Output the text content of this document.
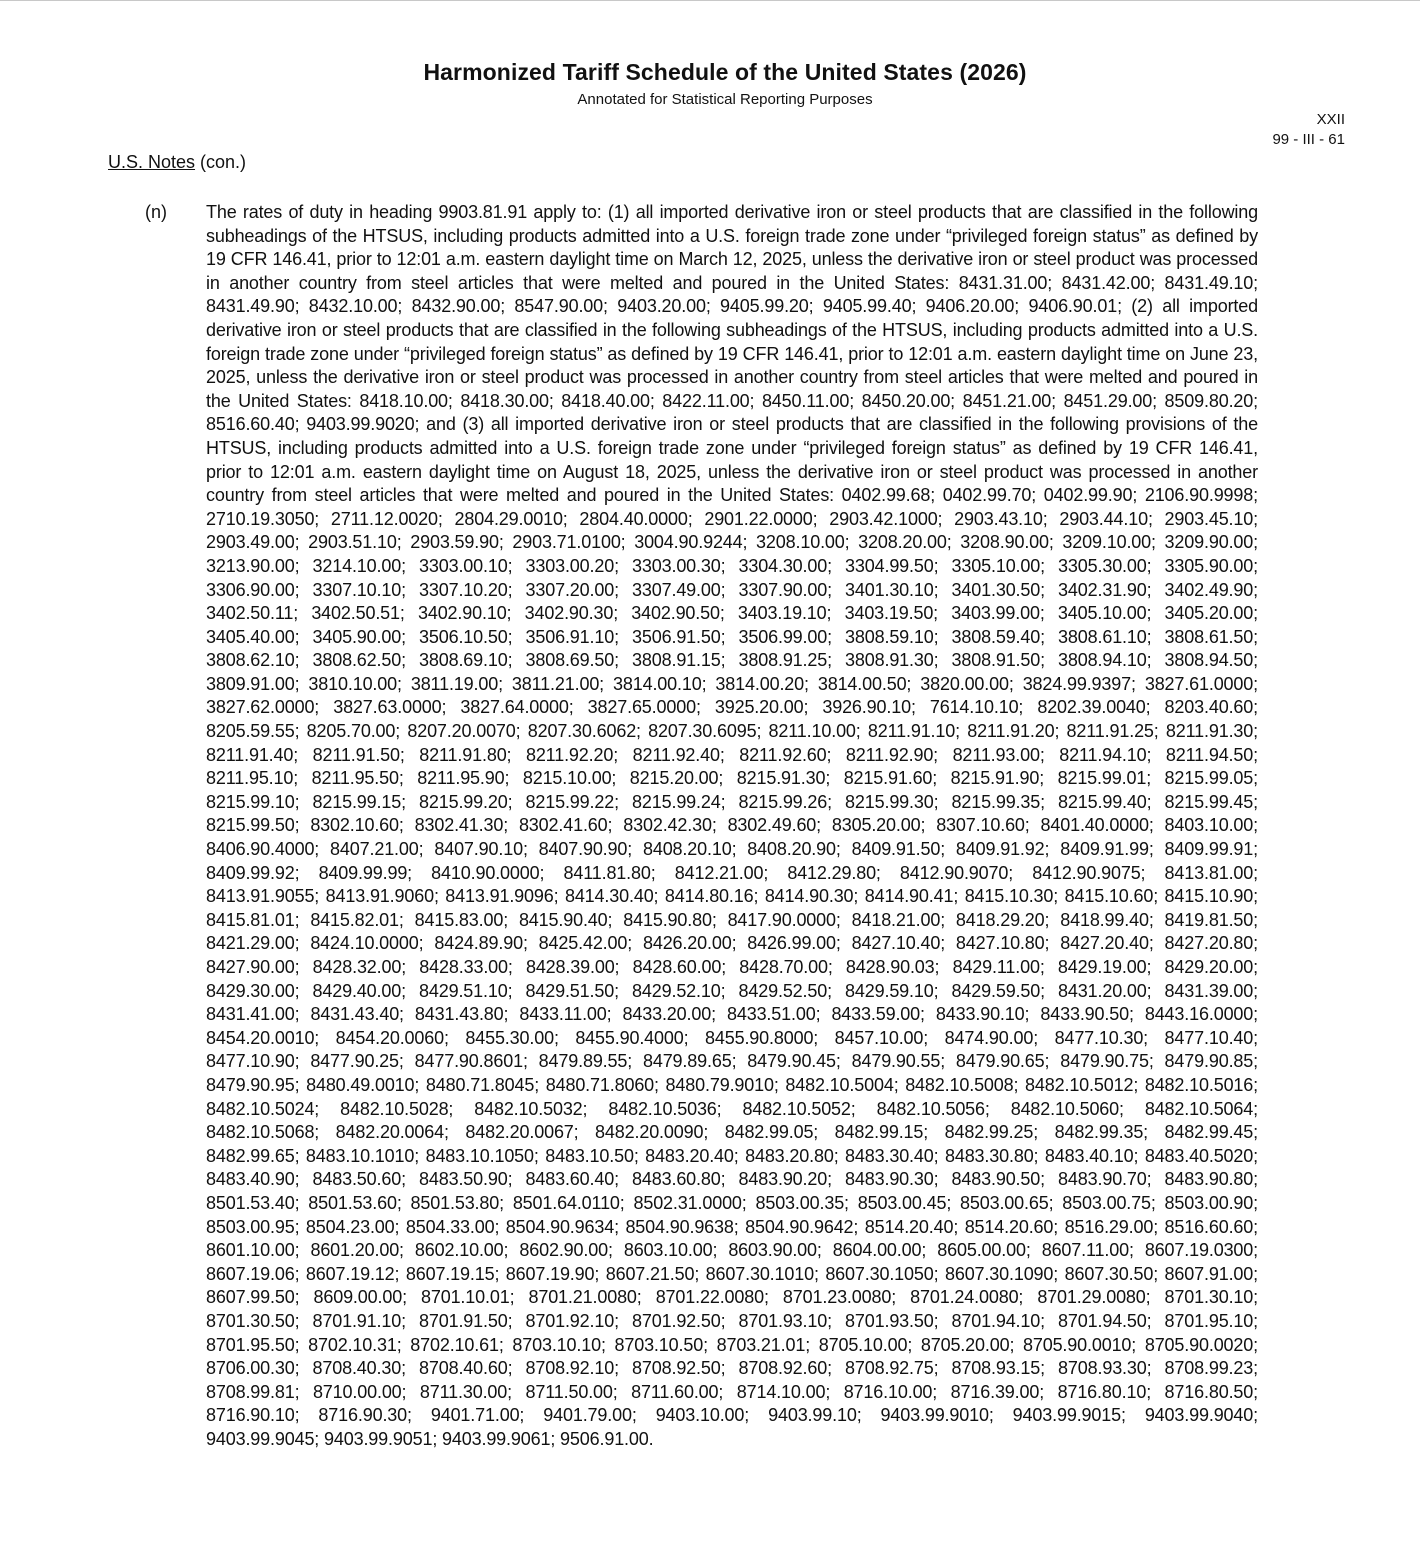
Harmonized Tariff Schedule of the United States (2026)
Annotated for Statistical Reporting Purposes
XXII
99 - III - 61
U.S. Notes (con.)
(n) The rates of duty in heading 9903.81.91 apply to: (1) all imported derivative iron or steel products that are classified in the following subheadings of the HTSUS, including products admitted into a U.S. foreign trade zone under “privileged foreign status” as defined by 19 CFR 146.41, prior to 12:01 a.m. eastern daylight time on March 12, 2025, unless the derivative iron or steel product was processed in another country from steel articles that were melted and poured in the United States: 8431.31.00; 8431.42.00; 8431.49.10; 8431.49.90; 8432.10.00; 8432.90.00; 8547.90.00; 9403.20.00; 9405.99.20; 9405.99.40; 9406.20.00; 9406.90.01; (2) all imported derivative iron or steel products that are classified in the following subheadings of the HTSUS, including products admitted into a U.S. foreign trade zone under “privileged foreign status” as defined by 19 CFR 146.41, prior to 12:01 a.m. eastern daylight time on June 23, 2025, unless the derivative iron or steel product was processed in another country from steel articles that were melted and poured in the United States: 8418.10.00; 8418.30.00; 8418.40.00; 8422.11.00; 8450.11.00; 8450.20.00; 8451.21.00; 8451.29.00; 8509.80.20; 8516.60.40; 9403.99.9020; and (3) all imported derivative iron or steel products that are classified in the following provisions of the HTSUS, including products admitted into a U.S. foreign trade zone under “privileged foreign status” as defined by 19 CFR 146.41, prior to 12:01 a.m. eastern daylight time on August 18, 2025, unless the derivative iron or steel product was processed in another country from steel articles that were melted and poured in the United States: 0402.99.68; 0402.99.70; 0402.99.90; 2106.90.9998; 2710.19.3050; 2711.12.0020; 2804.29.0010; 2804.40.0000; 2901.22.0000; 2903.42.1000; 2903.43.10; 2903.44.10; 2903.45.10; 2903.49.00; 2903.51.10; 2903.59.90; 2903.71.0100; 3004.90.9244; 3208.10.00; 3208.20.00; 3208.90.00; 3209.10.00; 3209.90.00; 3213.90.00; 3214.10.00; 3303.00.10; 3303.00.20; 3303.00.30; 3304.30.00; 3304.99.50; 3305.10.00; 3305.30.00; 3305.90.00; 3306.90.00; 3307.10.10; 3307.10.20; 3307.20.00; 3307.49.00; 3307.90.00; 3401.30.10; 3401.30.50; 3402.31.90; 3402.49.90; 3402.50.11; 3402.50.51; 3402.90.10; 3402.90.30; 3402.90.50; 3403.19.10; 3403.19.50; 3403.99.00; 3405.10.00; 3405.20.00; 3405.40.00; 3405.90.00; 3506.10.50; 3506.91.10; 3506.91.50; 3506.99.00; 3808.59.10; 3808.59.40; 3808.61.10; 3808.61.50; 3808.62.10; 3808.62.50; 3808.69.10; 3808.69.50; 3808.91.15; 3808.91.25; 3808.91.30; 3808.91.50; 3808.94.10; 3808.94.50; 3809.91.00; 3810.10.00; 3811.19.00; 3811.21.00; 3814.00.10; 3814.00.20; 3814.00.50; 3820.00.00; 3824.99.9397; 3827.61.0000; 3827.62.0000; 3827.63.0000; 3827.64.0000; 3827.65.0000; 3925.20.00; 3926.90.10; 7614.10.10; 8202.39.0040; 8203.40.60; 8205.59.55; 8205.70.00; 8207.20.0070; 8207.30.6062; 8207.30.6095; 8211.10.00; 8211.91.10; 8211.91.20; 8211.91.25; 8211.91.30; 8211.91.40; 8211.91.50; 8211.91.80; 8211.92.20; 8211.92.40; 8211.92.60; 8211.92.90; 8211.93.00; 8211.94.10; 8211.94.50; 8211.95.10; 8211.95.50; 8211.95.90; 8215.10.00; 8215.20.00; 8215.91.30; 8215.91.60; 8215.91.90; 8215.99.01; 8215.99.05; 8215.99.10; 8215.99.15; 8215.99.20; 8215.99.22; 8215.99.24; 8215.99.26; 8215.99.30; 8215.99.35; 8215.99.40; 8215.99.45; 8215.99.50; 8302.10.60; 8302.41.30; 8302.41.60; 8302.42.30; 8302.49.60; 8305.20.00; 8307.10.60; 8401.40.0000; 8403.10.00; 8406.90.4000; 8407.21.00; 8407.90.10; 8407.90.90; 8408.20.10; 8408.20.90; 8409.91.50; 8409.91.92; 8409.91.99; 8409.99.91; 8409.99.92; 8409.99.99; 8410.90.0000; 8411.81.80; 8412.21.00; 8412.29.80; 8412.90.9070; 8412.90.9075; 8413.81.00; 8413.91.9055; 8413.91.9060; 8413.91.9096; 8414.30.40; 8414.80.16; 8414.90.30; 8414.90.41; 8415.10.30; 8415.10.60; 8415.10.90; 8415.81.01; 8415.82.01; 8415.83.00; 8415.90.40; 8415.90.80; 8417.90.0000; 8418.21.00; 8418.29.20; 8418.99.40; 8419.81.50; 8421.29.00; 8424.10.0000; 8424.89.90; 8425.42.00; 8426.20.00; 8426.99.00; 8427.10.40; 8427.10.80; 8427.20.40; 8427.20.80; 8427.90.00; 8428.32.00; 8428.33.00; 8428.39.00; 8428.60.00; 8428.70.00; 8428.90.03; 8429.11.00; 8429.19.00; 8429.20.00; 8429.30.00; 8429.40.00; 8429.51.10; 8429.51.50; 8429.52.10; 8429.52.50; 8429.59.10; 8429.59.50; 8431.20.00; 8431.39.00; 8431.41.00; 8431.43.40; 8431.43.80; 8433.11.00; 8433.20.00; 8433.51.00; 8433.59.00; 8433.90.10; 8433.90.50; 8443.16.0000; 8454.20.0010; 8454.20.0060; 8455.30.00; 8455.90.4000; 8455.90.8000; 8457.10.00; 8474.90.00; 8477.10.30; 8477.10.40; 8477.10.90; 8477.90.25; 8477.90.8601; 8479.89.55; 8479.89.65; 8479.90.45; 8479.90.55; 8479.90.65; 8479.90.75; 8479.90.85; 8479.90.95; 8480.49.0010; 8480.71.8045; 8480.71.8060; 8480.79.9010; 8482.10.5004; 8482.10.5008; 8482.10.5012; 8482.10.5016; 8482.10.5024; 8482.10.5028; 8482.10.5032; 8482.10.5036; 8482.10.5052; 8482.10.5056; 8482.10.5060; 8482.10.5064; 8482.10.5068; 8482.20.0064; 8482.20.0067; 8482.20.0090; 8482.99.05; 8482.99.15; 8482.99.25; 8482.99.35; 8482.99.45; 8482.99.65; 8483.10.1010; 8483.10.1050; 8483.10.50; 8483.20.40; 8483.20.80; 8483.30.40; 8483.30.80; 8483.40.10; 8483.40.5020; 8483.40.90; 8483.50.60; 8483.50.90; 8483.60.40; 8483.60.80; 8483.90.20; 8483.90.30; 8483.90.50; 8483.90.70; 8483.90.80; 8501.53.40; 8501.53.60; 8501.53.80; 8501.64.0110; 8502.31.0000; 8503.00.35; 8503.00.45; 8503.00.65; 8503.00.75; 8503.00.90; 8503.00.95; 8504.23.00; 8504.33.00; 8504.90.9634; 8504.90.9638; 8504.90.9642; 8514.20.40; 8514.20.60; 8516.29.00; 8516.60.60; 8601.10.00; 8601.20.00; 8602.10.00; 8602.90.00; 8603.10.00; 8603.90.00; 8604.00.00; 8605.00.00; 8607.11.00; 8607.19.0300; 8607.19.06; 8607.19.12; 8607.19.15; 8607.19.90; 8607.21.50; 8607.30.1010; 8607.30.1050; 8607.30.1090; 8607.30.50; 8607.91.00; 8607.99.50; 8609.00.00; 8701.10.01; 8701.21.0080; 8701.22.0080; 8701.23.0080; 8701.24.0080; 8701.29.0080; 8701.30.10; 8701.30.50; 8701.91.10; 8701.91.50; 8701.92.10; 8701.92.50; 8701.93.10; 8701.93.50; 8701.94.10; 8701.94.50; 8701.95.10; 8701.95.50; 8702.10.31; 8702.10.61; 8703.10.10; 8703.10.50; 8703.21.01; 8705.10.00; 8705.20.00; 8705.90.0010; 8705.90.0020; 8706.00.30; 8708.40.30; 8708.40.60; 8708.92.10; 8708.92.50; 8708.92.60; 8708.92.75; 8708.93.15; 8708.93.30; 8708.99.23; 8708.99.81; 8710.00.00; 8711.30.00; 8711.50.00; 8711.60.00; 8714.10.00; 8716.10.00; 8716.39.00; 8716.80.10; 8716.80.50; 8716.90.10; 8716.90.30; 9401.71.00; 9401.79.00; 9403.10.00; 9403.99.10; 9403.99.9010; 9403.99.9015; 9403.99.9040; 9403.99.9045; 9403.99.9051; 9403.99.9061; 9506.91.00.
